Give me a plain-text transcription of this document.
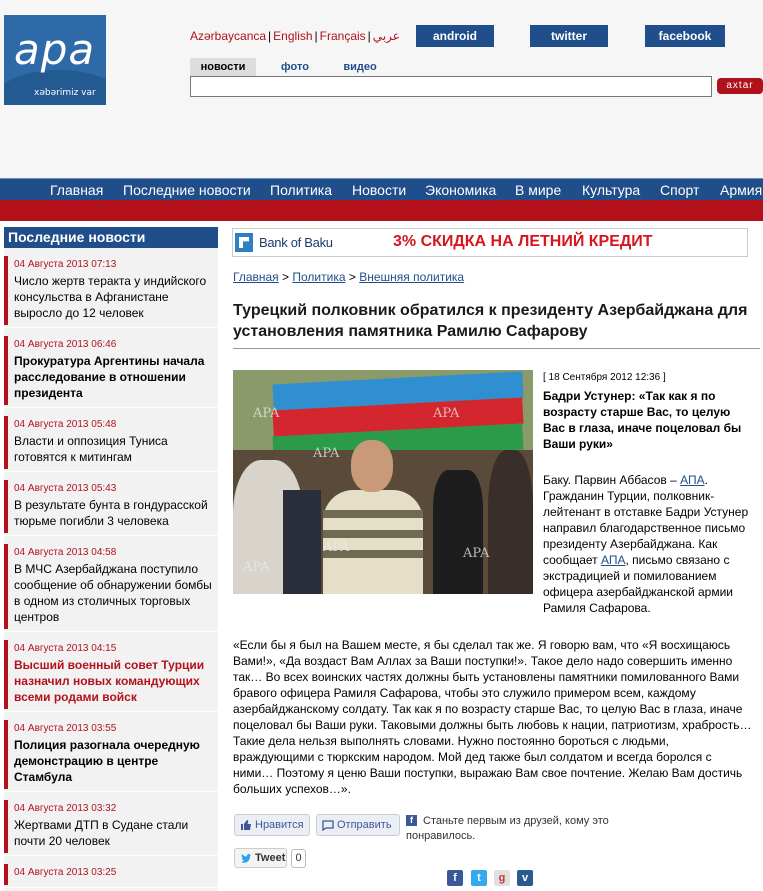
apa
xəbərimiz var
Azərbaycanca | English | Français | عربي	android	twitter	facebook
новости	фото	видео
axtar
Главная Последние новости Политика Новости Экономика В мире Культура Спорт Армия
Последние новости
04 Августа 2013 07:13
Число жертв теракта у индийского консульства в Афганистане выросло до 12 человек
04 Августа 2013 06:46
Прокуратура Аргентины начала расследование в отношении президента
04 Августа 2013 05:48
Власти и оппозиция Туниса готовятся к митингам
04 Августа 2013 05:43
В результате бунта в гондурасской тюрьме погибли 3 человека
04 Августа 2013 04:58
В МЧС Азербайджана поступило сообщение об обнаружении бомбы в одном из столичных торговых центров
04 Августа 2013 04:15
Высший военный совет Турции назначил новых командующих всеми родами войск
04 Августа 2013 03:55
Полиция разогнала очередную демонстрацию в центре Стамбула
04 Августа 2013 03:32
Жертвами ДТП в Судане стали почти 20 человек
04 Августа 2013 03:25
Bank of Baku	3% СКИДКА НА ЛЕТНИЙ КРЕДИТ
Главная > Политика > Внешняя политика
Турецкий полковник обратился к президенту Азербайджана для установления памятника Рамилю Сафарову
APA	APA
APA
APA	APA
APA
[ 18 Сентября 2012 12:36 ]
Бадри Устунер: «Так как я по возрасту старше Вас, то целую Вас в глаза, иначе поцеловал бы Ваши руки»
Баку. Парвин Аббасов – АПА. Гражданин Турции, полковник-лейтенант в отставке Бадри Устунер направил благодарственное письмо президенту Азербайджана. Как сообщает АПА, письмо связано с экстрадицией и помилованием офицера азербайджанской армии Рамиля Сафарова.
«Если бы я был на Вашем месте, я бы сделал так же. Я говорю вам, что «Я восхищаюсь Вами!», «Да воздаст Вам Аллах за Ваши поступки!». Такое дело надо совершить именно так… Во всех воинских частях должны быть установлены памятники помилованного Вами бравого офицера Рамиля Сафарова, чтобы это служило примером всем, каждому азербайджанскому солдату. Так как я по возрасту старше Вас, то целую Вас в глаза, иначе поцеловал бы Ваши руки. Таковыми должны быть любовь к нации, патриотизм, храбрость… Такие дела нельзя выполнять словами. Нужно постоянно бороться с людьми, враждующими с тюркским народом. Мой дед также был солдатом и всегда боролся с ними… Поэтому я ценю Ваши поступки, выражаю Вам свое почтение. Желаю Вам достичь больших успехов…».
Нравится	Отправить	f Станьте первым из друзей, кому это понравилось.
Tweet 0
f	t	g	v
